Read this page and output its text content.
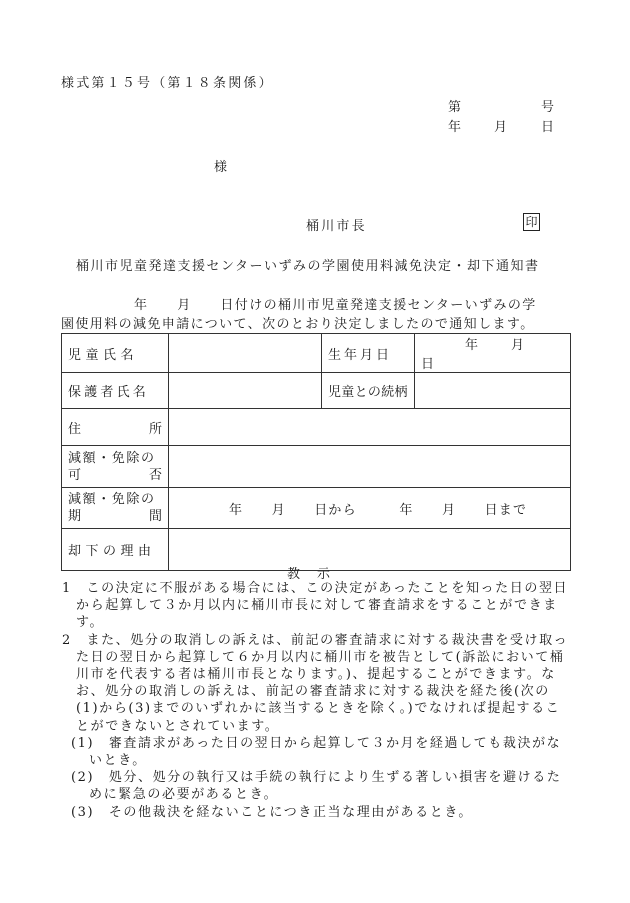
様式第１５号（第１８条関係）
第	号
年	月	日
様
桶川市長	印
桶川市児童発達支援センターいずみの学園使用料減免決定・却下通知書
年　　月　　日付けの桶川市児童発達支援センターいずみの学
園使用料の減免申請について、次のとおり決定しましたので通知します。
児童氏名		生年月日	年 月日
保護者氏名		児童との続柄	

住 所			

減額・免除の
可 否			

減額・免除の
期 間	年　　月　　日から　　　年　　月　　日まで		
却下の理由			
教　示

1　この決定に不服がある場合には、この決定があったことを知った日の翌日から起算して３か月以内に桶川市長に対して審査請求をすることができます。

2　また、処分の取消しの訴えは、前記の審査請求に対する裁決書を受け取った日の翌日から起算して６か月以内に桶川市を被告として(訴訟において桶川市を代表する者は桶川市長となります。)、提起することができます。なお、処分の取消しの訴えは、前記の審査請求に対する裁決を経た後(次の(1)から(3)までのいずれかに該当するときを除く。)でなければ提起することができないとされています。

(1)　審査請求があった日の翌日から起算して３か月を経過しても裁決がないとき。

(2)　処分、処分の執行又は手続の執行により生ずる著しい損害を避けるために緊急の必要があるとき。

(3)　その他裁決を経ないことにつき正当な理由があるとき。
